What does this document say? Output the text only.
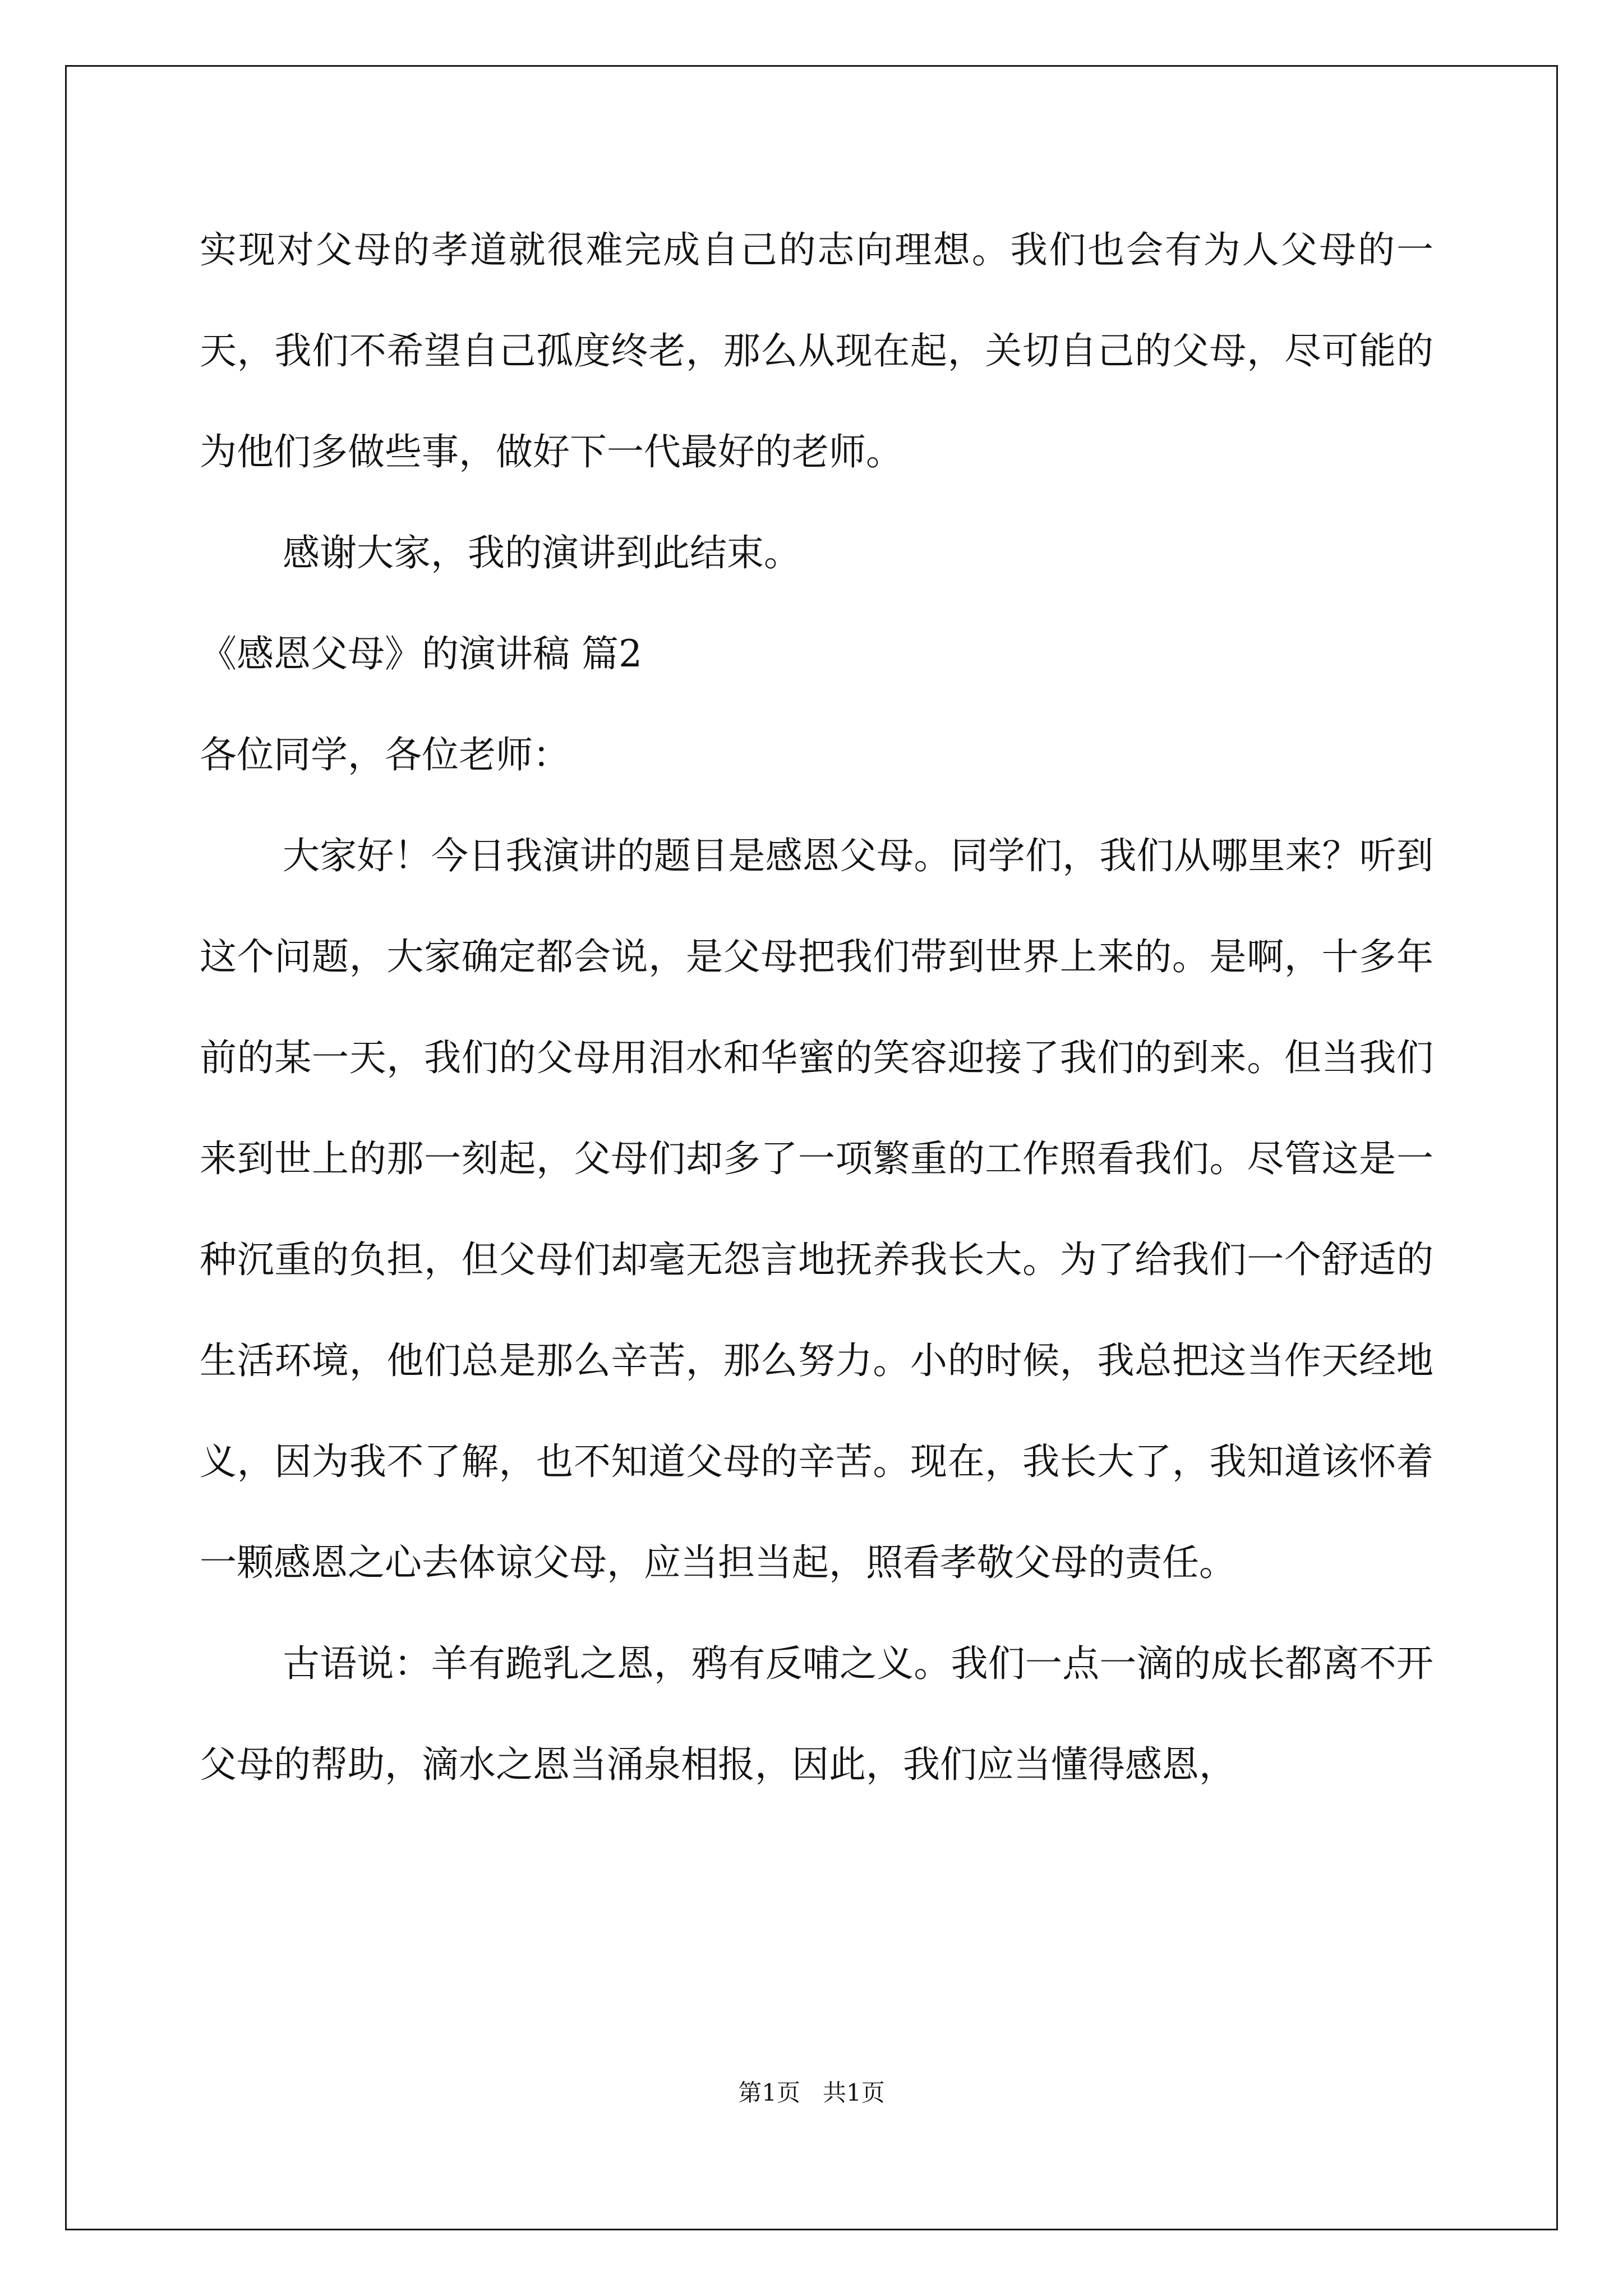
实现对父母的孝道就很难完成自己的志向理想。我们也会有为人父母的一天，我们不希望自己孤度终老，那么从现在起，关切自己的父母，尽可能的为他们多做些事，做好下一代最好的老师。

感谢大家，我的演讲到此结束。

《感恩父母》的演讲稿 篇2

各位同学，各位老师：

大家好！今日我演讲的题目是感恩父母。同学们，我们从哪里来？听到这个问题，大家确定都会说，是父母把我们带到世界上来的。是啊，十多年前的某一天，我们的父母用泪水和华蜜的笑容迎接了我们的到来。但当我们来到世上的那一刻起，父母们却多了一项繁重的工作照看我们。尽管这是一种沉重的负担，但父母们却毫无怨言地抚养我长大。为了给我们一个舒适的生活环境，他们总是那么辛苦，那么努力。小的时候，我总把这当作天经地义，因为我不了解，也不知道父母的辛苦。现在，我长大了，我知道该怀着一颗感恩之心去体谅父母，应当担当起，照看孝敬父母的责任。

古语说：羊有跪乳之恩，鸦有反哺之义。我们一点一滴的成长都离不开父母的帮助，滴水之恩当涌泉相报，因此，我们应当懂得感恩，

第1页   共1页
